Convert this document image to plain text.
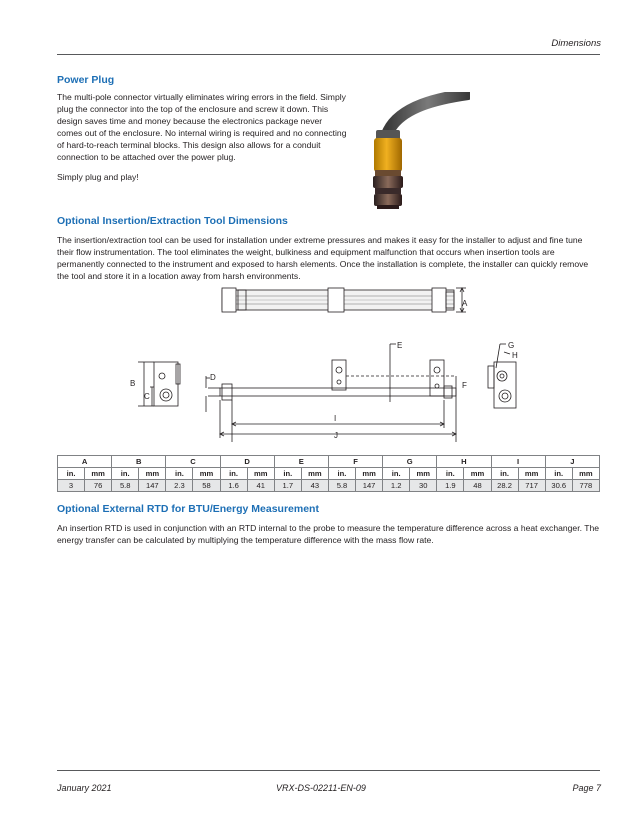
Dimensions
Power Plug

The multi-pole connector virtually eliminates wiring errors in the field. Simply plug the connector into the top of the enclosure and screw it down. This design saves time and money because the electronics package never comes out of the enclosure. No internal wiring is required and no connecting of hard-to-reach terminal blocks. This design also allows for a conduit connection to be attached over the power plug.

Simply plug and play!

Optional Insertion/Extraction Tool Dimensions
The insertion/extraction tool can be used for installation under extreme pressures and makes it easy for the installer to adjust and fine tune their flow instrumentation. The tool eliminates the weight, bulkiness and equipment malfunction that occurs when insertion tools are permanently connected to the instrument and exposed to harsh elements. Once the installation is complete, the installer can quickly remove the tool and store it in a location away from harsh environments.
A
B
C
D
E
F
G
H
I
J
A		B		C		D		E		F		G		H		I		J	
in.	mm	in.	mm	in.	mm	in.	mm	in.	mm	in.	mm	in.	mm	in.	mm	in.	mm	in.	mm
3	76	5.8	147	2.3	58	1.6	41	1.7	43	5.8	147	1.2	30	1.9	48	28.2	717	30.6	778
Optional External RTD for BTU/Energy Measurement
An insertion RTD is used in conjunction with an RTD internal to the probe to measure the temperature difference across a heat exchanger. The energy transfer can be calculated by multiplying the temperature difference with the mass flow rate.
January 2021	VRX-DS-02211-EN-09	Page 7
